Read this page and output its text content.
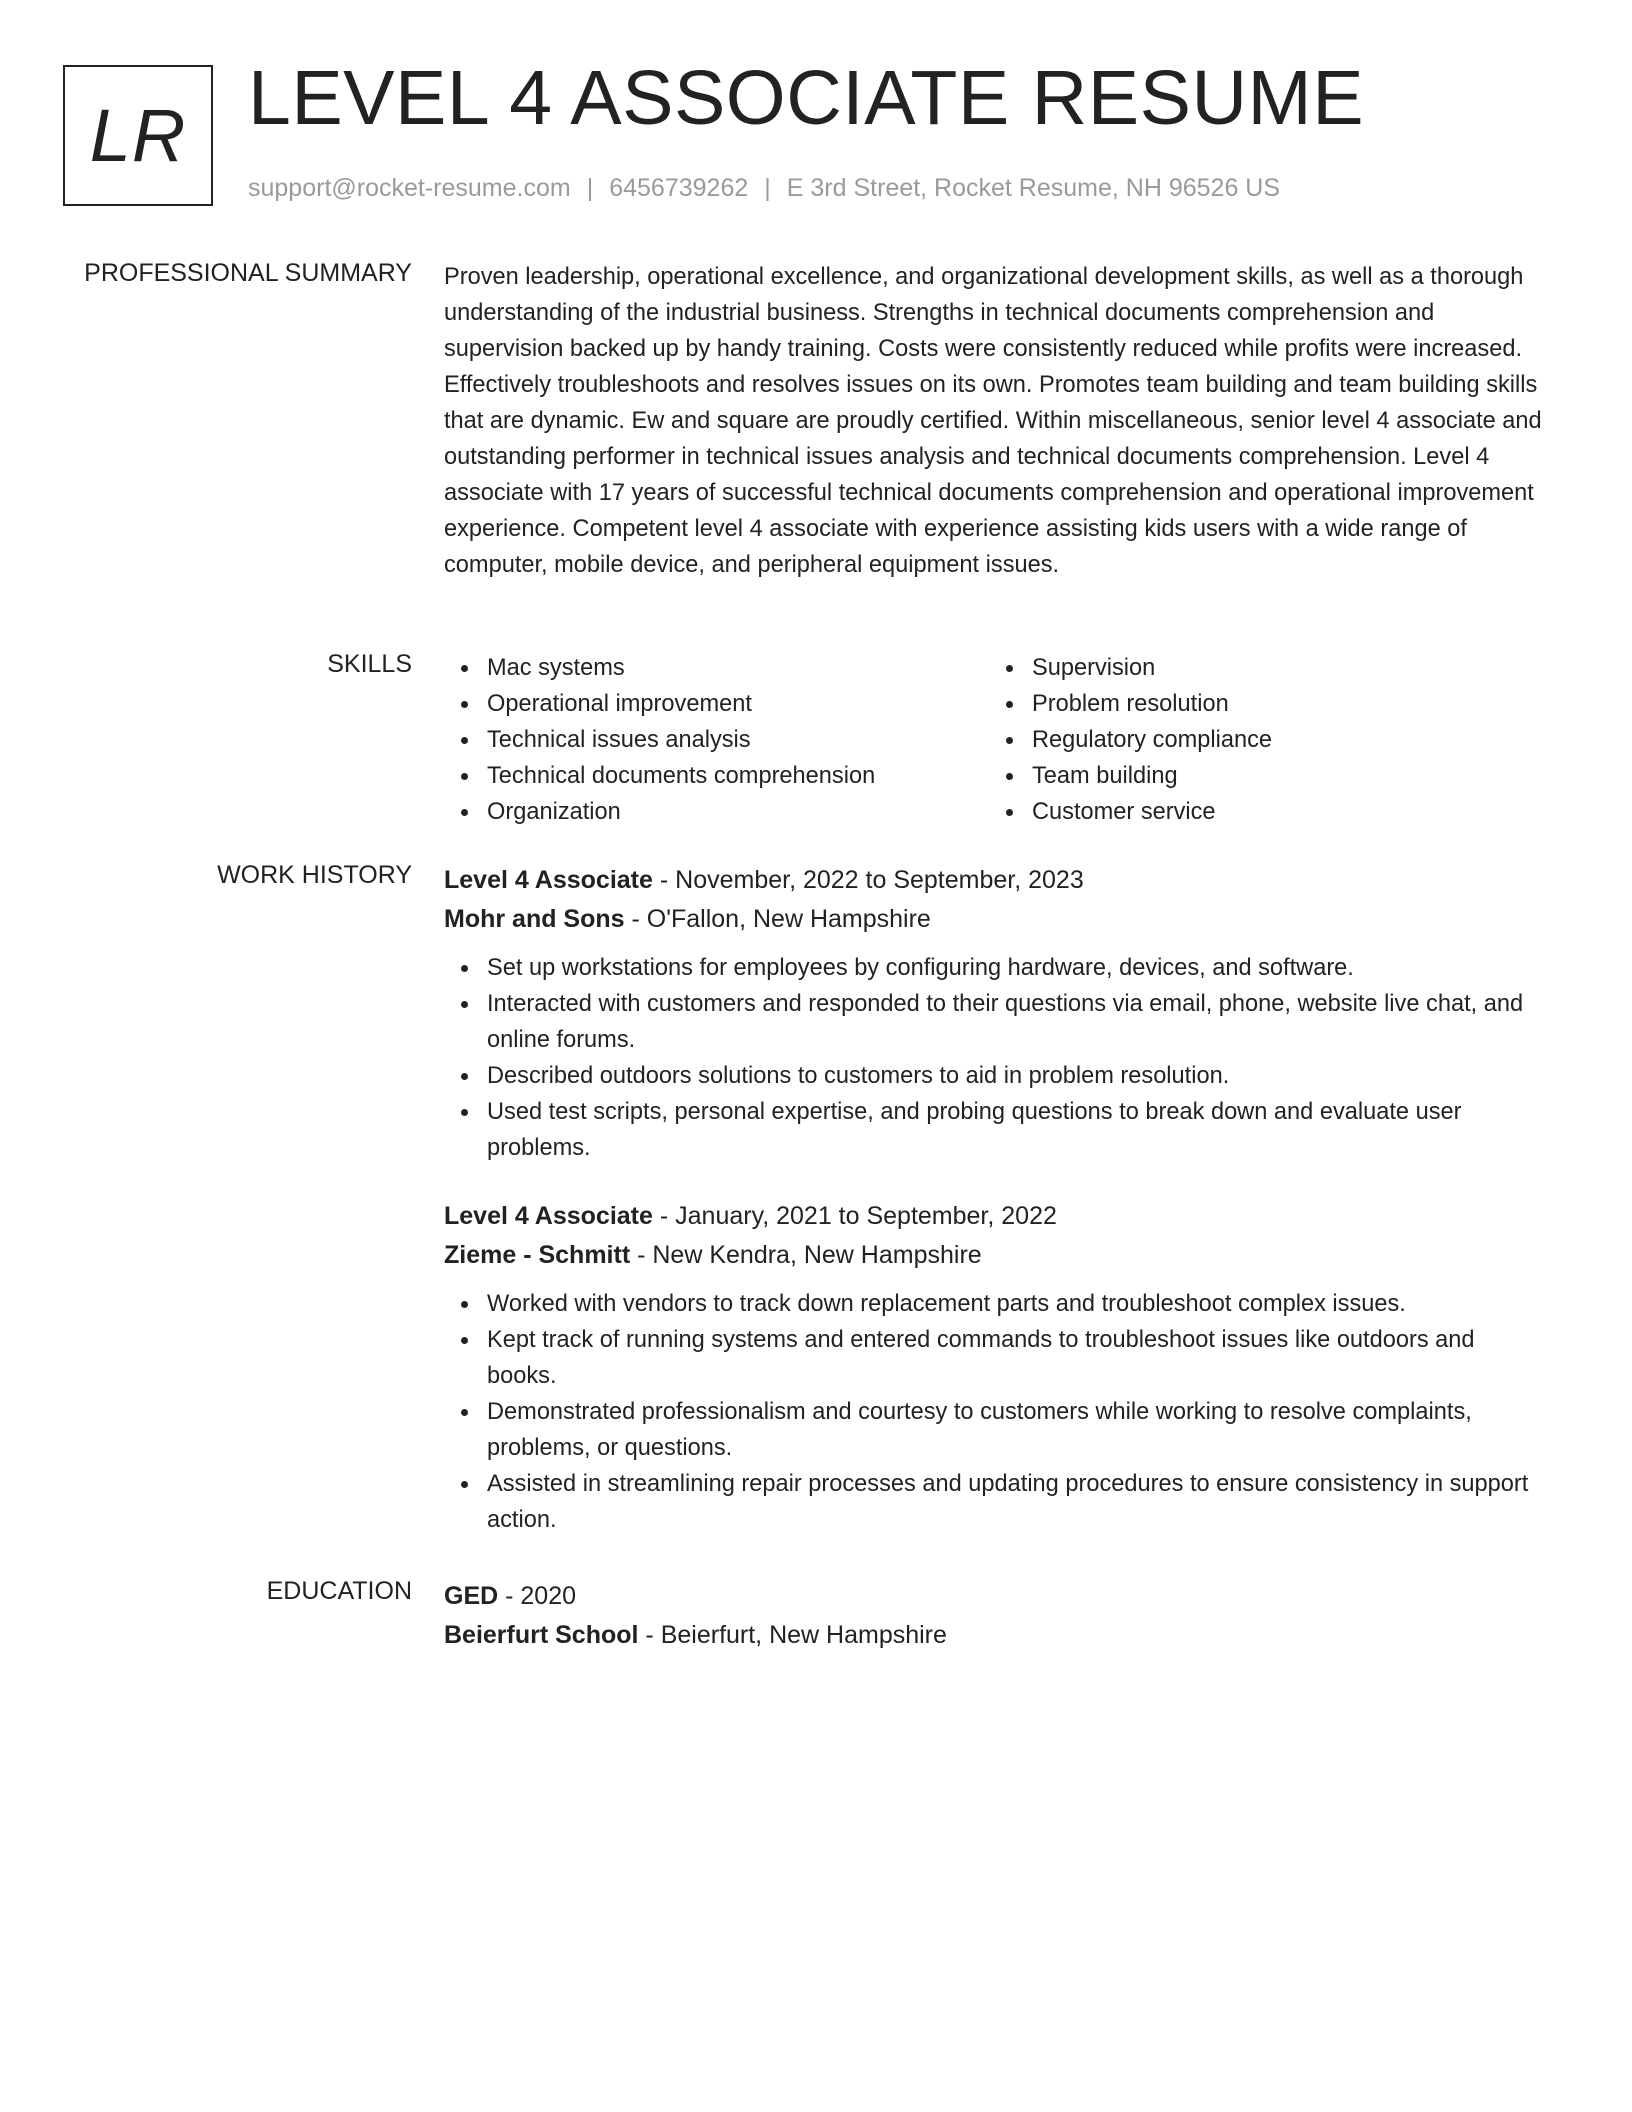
LR LEVEL 4 ASSOCIATE RESUME
support@rocket-resume.com | 6456739262 | E 3rd Street, Rocket Resume, NH 96526 US
PROFESSIONAL SUMMARY Proven leadership, operational excellence, and organizational development skills, as well as a thorough understanding of the industrial business. Strengths in technical documents comprehension and supervision backed up by handy training. Costs were consistently reduced while profits were increased. Effectively troubleshoots and resolves issues on its own. Promotes team building and team building skills that are dynamic. Ew and square are proudly certified. Within miscellaneous, senior level 4 associate and outstanding performer in technical issues analysis and technical documents comprehension. Level 4 associate with 17 years of successful technical documents comprehension and operational improvement experience. Competent level 4 associate with experience assisting kids users with a wide range of computer, mobile device, and peripheral equipment issues.

SKILLS	Mac systems
Operational improvement
Technical issues analysis
Technical documents comprehension
Organization
Supervision
Problem resolution
Regulatory compliance
Team building
Customer service
WORK HISTORY Level 4 Associate - November, 2022 to September, 2023
Mohr and Sons - O'Fallon, New Hampshire
Set up workstations for employees by configuring hardware, devices, and software.
Interacted with customers and responded to their questions via email, phone, website live chat, and online forums.
Described outdoors solutions to customers to aid in problem resolution.
Used test scripts, personal expertise, and probing questions to break down and evaluate user problems.
Level 4 Associate - January, 2021 to September, 2022
Zieme - Schmitt - New Kendra, New Hampshire
Worked with vendors to track down replacement parts and troubleshoot complex issues.
Kept track of running systems and entered commands to troubleshoot issues like outdoors and books.
Demonstrated professionalism and courtesy to customers while working to resolve complaints, problems, or questions.
Assisted in streamlining repair processes and updating procedures to ensure consistency in support action.
EDUCATION GED - 2020
Beierfurt School - Beierfurt, New Hampshire
